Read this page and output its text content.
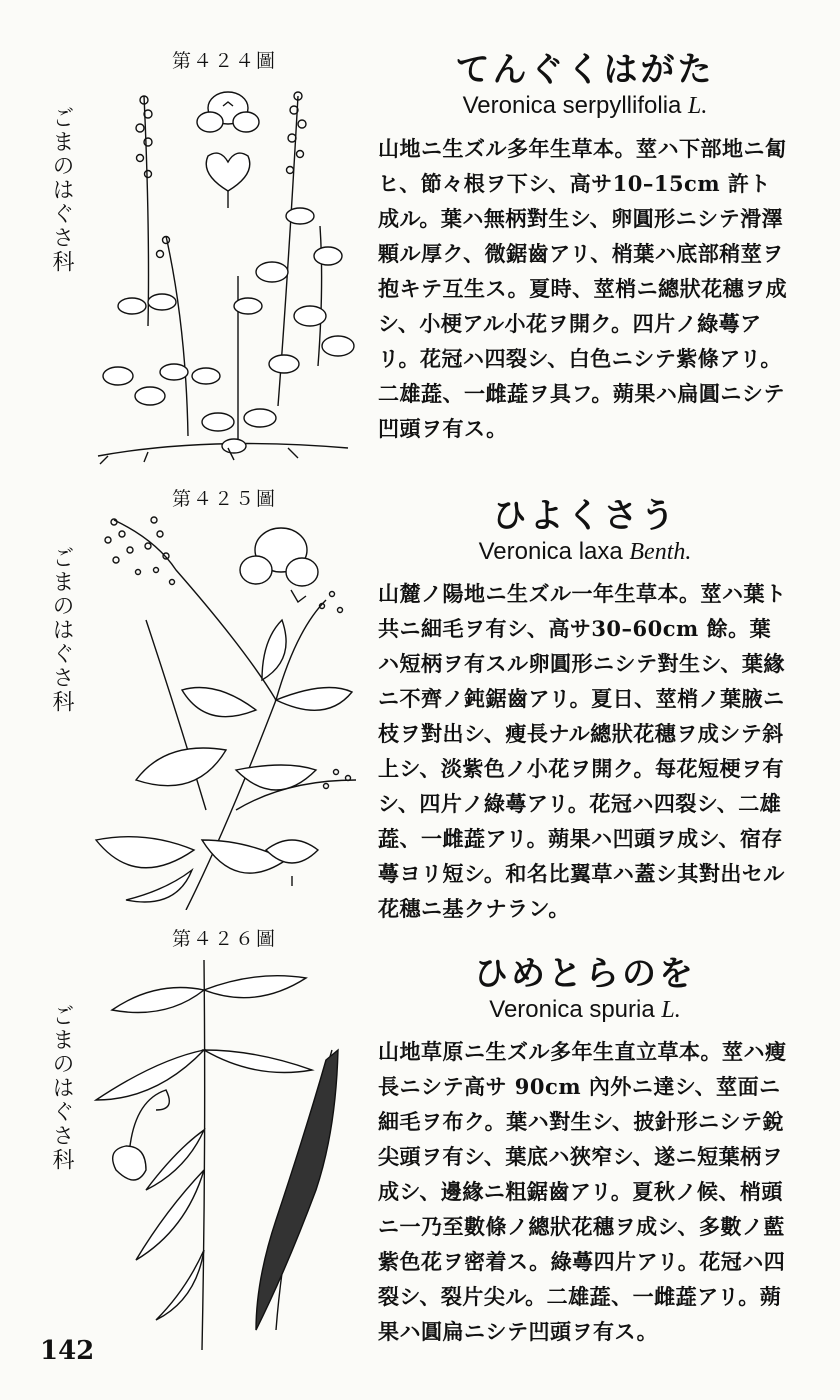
第４２４圖
ごまのはぐさ科
てんぐくはがた
Veronica serpyllifolia L.
山地ニ生ズル多年生草本。莖ハ下部地ニ匐ヒ、節々根ヲ下シ、高サ10–15cm 許ト成ル。葉ハ無柄對生シ、卵圓形ニシテ滑澤顆ル厚ク、微鋸齒アリ、梢葉ハ底部稍莖ヲ抱キテ互生ス。夏時、莖梢ニ總狀花穗ヲ成シ、小梗アル小花ヲ開ク。四片ノ綠蕚アリ。花冠ハ四裂シ、白色ニシテ紫條アリ。二雄蕋、一雌蕋ヲ具フ。蒴果ハ扁圓ニシテ凹頭ヲ有ス。
第４２５圖
ごまのはぐさ科
ひよくさう
Veronica laxa Benth.
山麓ノ陽地ニ生ズル一年生草本。莖ハ葉ト共ニ細毛ヲ有シ、高サ30–60cm 餘。葉ハ短柄ヲ有スル卵圓形ニシテ對生シ、葉緣ニ不齊ノ鈍鋸齒アリ。夏日、莖梢ノ葉腋ニ枝ヲ對出シ、瘦長ナル總狀花穗ヲ成シテ斜上シ、淡紫色ノ小花ヲ開ク。每花短梗ヲ有シ、四片ノ綠蕚アリ。花冠ハ四裂シ、二雄蕋、一雌蕋アリ。蒴果ハ凹頭ヲ成シ、宿存蕚ヨリ短シ。和名比翼草ハ蓋シ其對出セル花穗ニ基クナラン。
第４２６圖
ごまのはぐさ科
ひめとらのを
Veronica spuria L.
山地草原ニ生ズル多年生直立草本。莖ハ瘦長ニシテ高サ 90cm 內外ニ達シ、莖面ニ細毛ヲ布ク。葉ハ對生シ、披針形ニシテ銳尖頭ヲ有シ、葉底ハ狹窄シ、遂ニ短葉柄ヲ成シ、邊緣ニ粗鋸齒アリ。夏秋ノ候、梢頭ニ一乃至數條ノ總狀花穗ヲ成シ、多數ノ藍紫色花ヲ密着ス。綠蕚四片アリ。花冠ハ四裂シ、裂片尖ル。二雄蕋、一雌蕋アリ。蒴果ハ圓扁ニシテ凹頭ヲ有ス。
142
